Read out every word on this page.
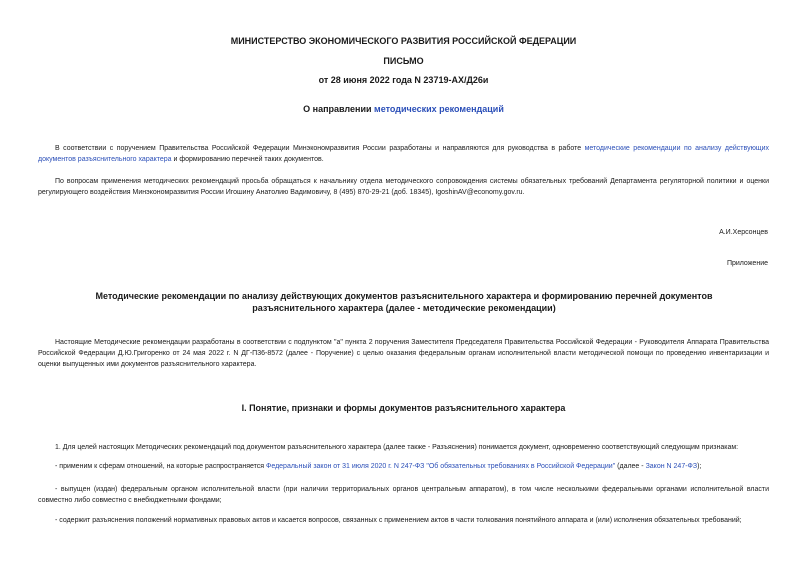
МИНИСТЕРСТВО ЭКОНОМИЧЕСКОГО РАЗВИТИЯ РОССИЙСКОЙ ФЕДЕРАЦИИ
ПИСЬМО
от 28 июня 2022 года N 23719-АХ/Д26и
О направлении методических рекомендаций
В соответствии с поручением Правительства Российской Федерации Минэкономразвития России разработаны и направляются для руководства в работе методические рекомендации по анализу действующих документов разъяснительного характера и формированию перечней таких документов.
По вопросам применения методических рекомендаций просьба обращаться к начальнику отдела методического сопровождения системы обязательных требований Департамента регуляторной политики и оценки регулирующего воздействия Минэкономразвития России Игошину Анатолию Вадимовичу, 8 (495) 870-29-21 (доб. 18345), IgoshinAV@economy.gov.ru.
А.И.Херсонцев
Приложение
Методические рекомендации по анализу действующих документов разъяснительного характера и формированию перечней документов разъяснительного характера (далее - методические рекомендации)
Настоящие Методические рекомендации разработаны в соответствии с подпунктом "а" пункта 2 поручения Заместителя Председателя Правительства Российской Федерации - Руководителя Аппарата Правительства Российской Федерации Д.Ю.Григоренко от 24 мая 2022 г. N ДГ-П36-8572 (далее - Поручение) с целью оказания федеральным органам исполнительной власти методической помощи по проведению инвентаризации и оценки выпущенных ими документов разъяснительного характера.
I. Понятие, признаки и формы документов разъяснительного характера
1. Для целей настоящих Методических рекомендаций под документом разъяснительного характера (далее также - Разъяснения) понимается документ, одновременно соответствующий следующим признакам:
- применим к сферам отношений, на которые распространяется Федеральный закон от 31 июля 2020 г. N 247-ФЗ "Об обязательных требованиях в Российской Федерации" (далее - Закон N 247-ФЗ);
- выпущен (издан) федеральным органом исполнительной власти (при наличии территориальных органов центральным аппаратом), в том числе несколькими федеральными органами исполнительной власти совместно либо совместно с внебюджетными фондами;
- содержит разъяснения положений нормативных правовых актов и касается вопросов, связанных с применением актов в части толкования понятийного аппарата и (или) исполнения обязательных требований;
